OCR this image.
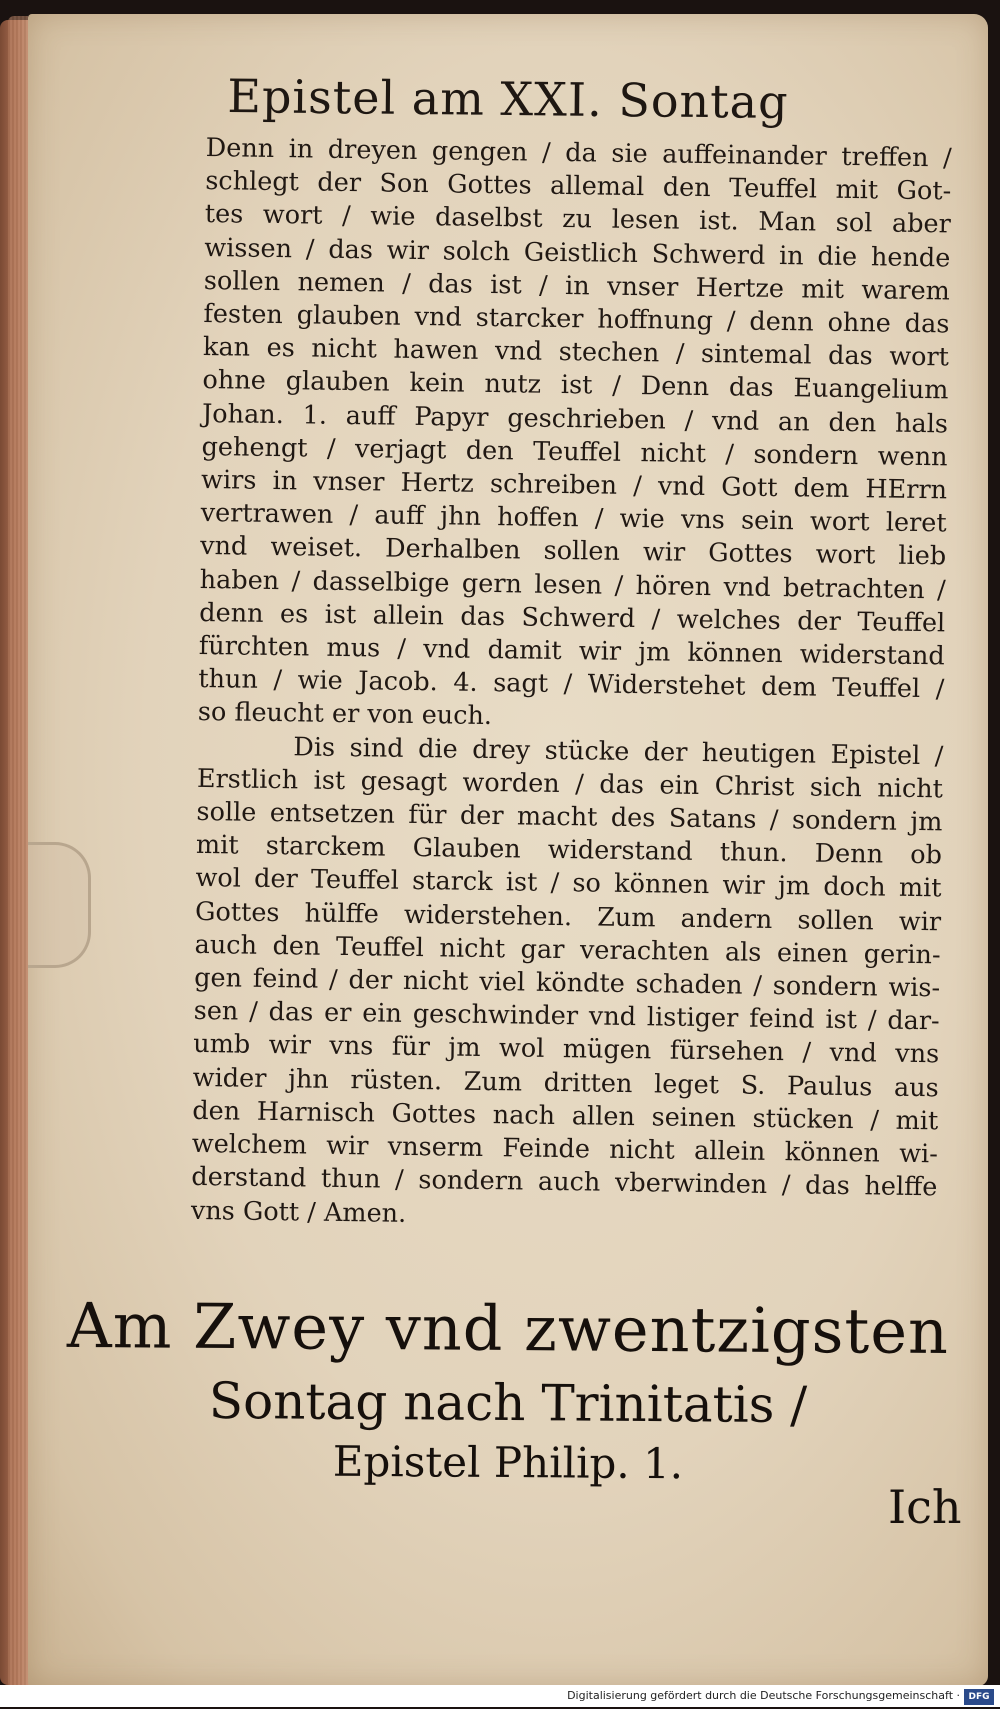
Epistel am XXI. Sontag
Denn in dreyen gengen / da sie auffeinander treffen /
schlegt der Son Gottes allemal den Teuffel mit Got-
tes wort / wie daselbst zu lesen ist. Man sol aber
wissen / das wir solch Geistlich Schwerd in die hende
sollen nemen / das ist / in vnser Hertze mit warem
festen glauben vnd starcker hoffnung / denn ohne das
kan es nicht hawen vnd stechen / sintemal das wort
ohne glauben kein nutz ist / Denn das Euangelium
Johan. 1. auff Papyr geschrieben / vnd an den hals
gehengt / verjagt den Teuffel nicht / sondern wenn
wirs in vnser Hertz schreiben / vnd Gott dem HErrn
vertrawen / auff jhn hoffen / wie vns sein wort leret
vnd weiset. Derhalben sollen wir Gottes wort lieb
haben / dasselbige gern lesen / hören vnd betrachten /
denn es ist allein das Schwerd / welches der Teuffel
fürchten mus / vnd damit wir jm können widerstand
thun / wie Jacob. 4. sagt / Widerstehet dem Teuffel /
so fleucht er von euch.
Dis sind die drey stücke der heutigen Epistel /
Erstlich ist gesagt worden / das ein Christ sich nicht
solle entsetzen für der macht des Satans / sondern jm
mit starckem Glauben widerstand thun. Denn ob
wol der Teuffel starck ist / so können wir jm doch mit
Gottes hülffe widerstehen. Zum andern sollen wir
auch den Teuffel nicht gar verachten als einen gerin-
gen feind / der nicht viel köndte schaden / sondern wis-
sen / das er ein geschwinder vnd listiger feind ist / dar-
umb wir vns für jm wol mügen fürsehen / vnd vns
wider jhn rüsten. Zum dritten leget S. Paulus aus
den Harnisch Gottes nach allen seinen stücken / mit
welchem wir vnserm Feinde nicht allein können wi-
derstand thun / sondern auch vberwinden / das helffe
vns Gott / Amen.
Am Zwey vnd zwentzigsten
Sontag nach Trinitatis /
Epistel Philip. 1.
Ich
Digitalisierung gefördert durch die Deutsche Forschungsgemeinschaft · DFG
